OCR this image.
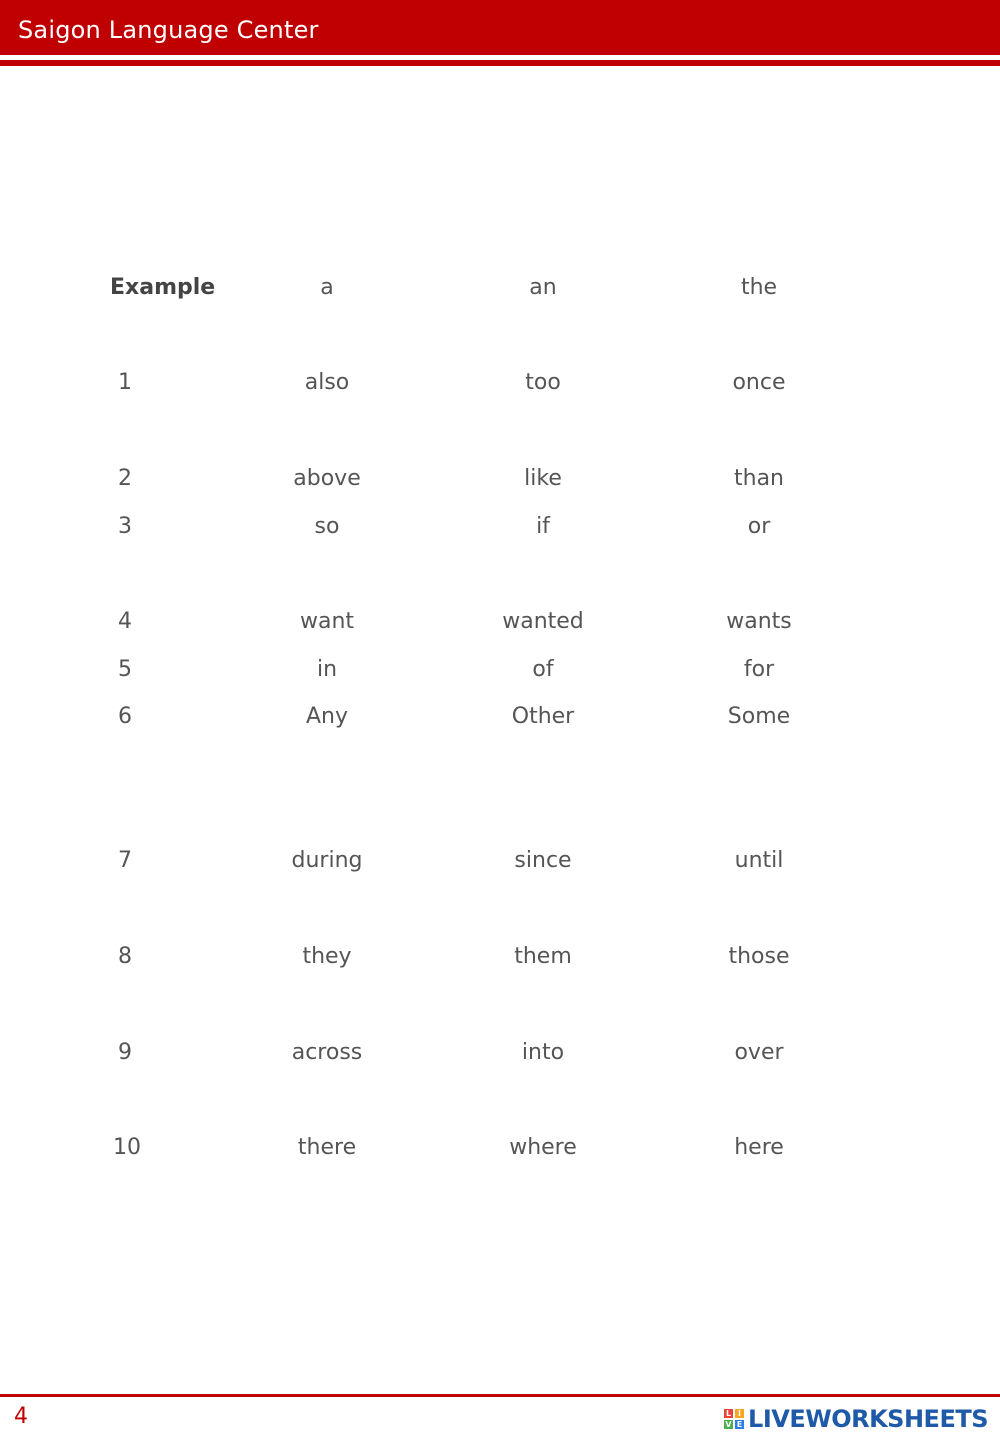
Saigon Language Center
Example	a	an	the
1	also	too	once
2	above	like	than
3	so	if	or
4	want	wanted	wants
5	in	of	for
6	Any	Other	Some
7	during	since	until
8	they	them	those
9	across	into	over
10	there	where	here
4	L I
V E LIVEWORKSHEETS
